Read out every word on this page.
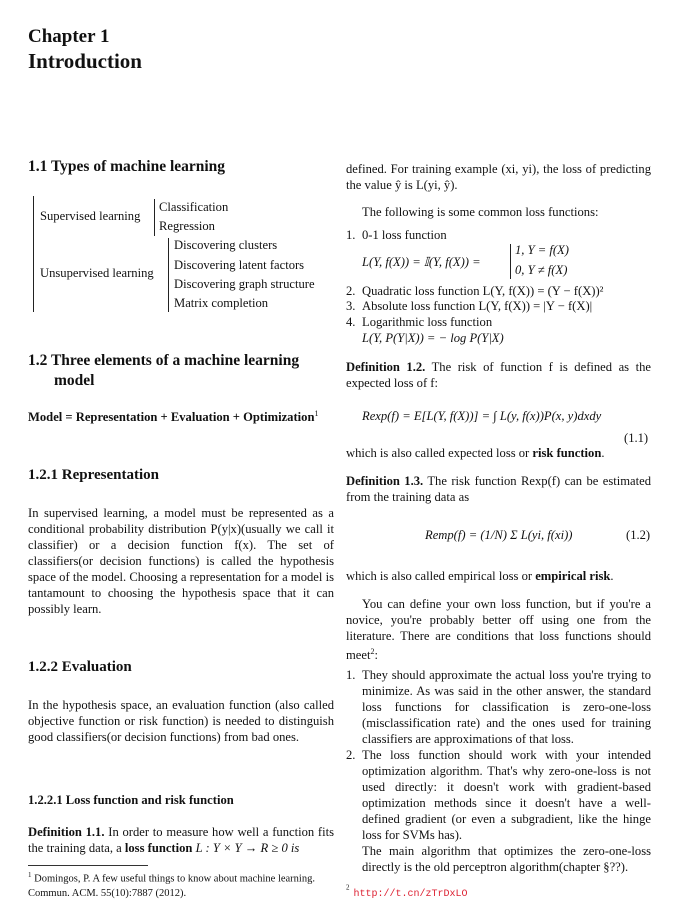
Chapter 1
Introduction
1.1 Types of machine learning
Supervised learning
Classification
Regression
Unsupervised learning
Discovering clusters
Discovering latent factors
Discovering graph structure
Matrix completion
1.2 Three elements of a machine learning
model
Model = Representation + Evaluation + Optimization$^1$
1.2.1 Representation
In supervised learning, a model must be represented as a conditional probability distribution P(y|x)(usually we call it classifier) or a decision function f(x). The set of classifiers(or decision functions) is called the hypothesis space of the model. Choosing a representation for a model is tantamount to choosing the hypothesis space that it can possibly learn.
1.2.2 Evaluation
In the hypothesis space, an evaluation function (also called objective function or risk function) is needed to distinguish good classifiers(or decision functions) from bad ones.
1.2.2.1 Loss function and risk function
Definition 1.1. In order to measure how well a function fits the training data, a loss function L : Y × Y → R ≥ 0 is
$^1$ Domingos, P. A few useful things to know about machine learning. Commun. ACM. 55(10):7887 (2012).
defined. For training example (xi, yi), the loss of predicting the value ŷ is L(yi, ŷ).
The following is some common loss functions:
1. 0-1 loss function
L(Y, f(X)) = 𝕀(Y, f(X)) =
1, Y = f(X)
0, Y ≠ f(X)
2. Quadratic loss function L(Y, f(X)) = (Y − f(X))²
3. Absolute loss function L(Y, f(X)) = |Y − f(X)|
4. Logarithmic loss function
L(Y, P(Y|X)) = − log P(Y|X)
Definition 1.2. The risk of function f is defined as the expected loss of f:
Rexp(f) = E[L(Y, f(X))] = ∫ L(y, f(x))P(x, y)dxdy
(1.1)
which is also called expected loss or risk function.
Definition 1.3. The risk function Rexp(f) can be estimated from the training data as
Remp(f) = (1/N) Σ L(yi, f(xi))	(1.2)
which is also called empirical loss or empirical risk.
You can define your own loss function, but if you're a novice, you're probably better off using one from the literature. There are conditions that loss functions should meet$^2$:
1. They should approximate the actual loss you're trying to minimize. As was said in the other answer, the standard loss functions for classification is zero-one-loss (misclassification rate) and the ones used for training classifiers are approximations of that loss.
2. The loss function should work with your intended optimization algorithm. That's why zero-one-loss is not used directly: it doesn't work with gradient-based optimization methods since it doesn't have a well-defined gradient (or even a subgradient, like the hinge loss for SVMs has).
The main algorithm that optimizes the zero-one-loss directly is the old perceptron algorithm(chapter §??).
$^2$ http://t.cn/zTrDxLO
